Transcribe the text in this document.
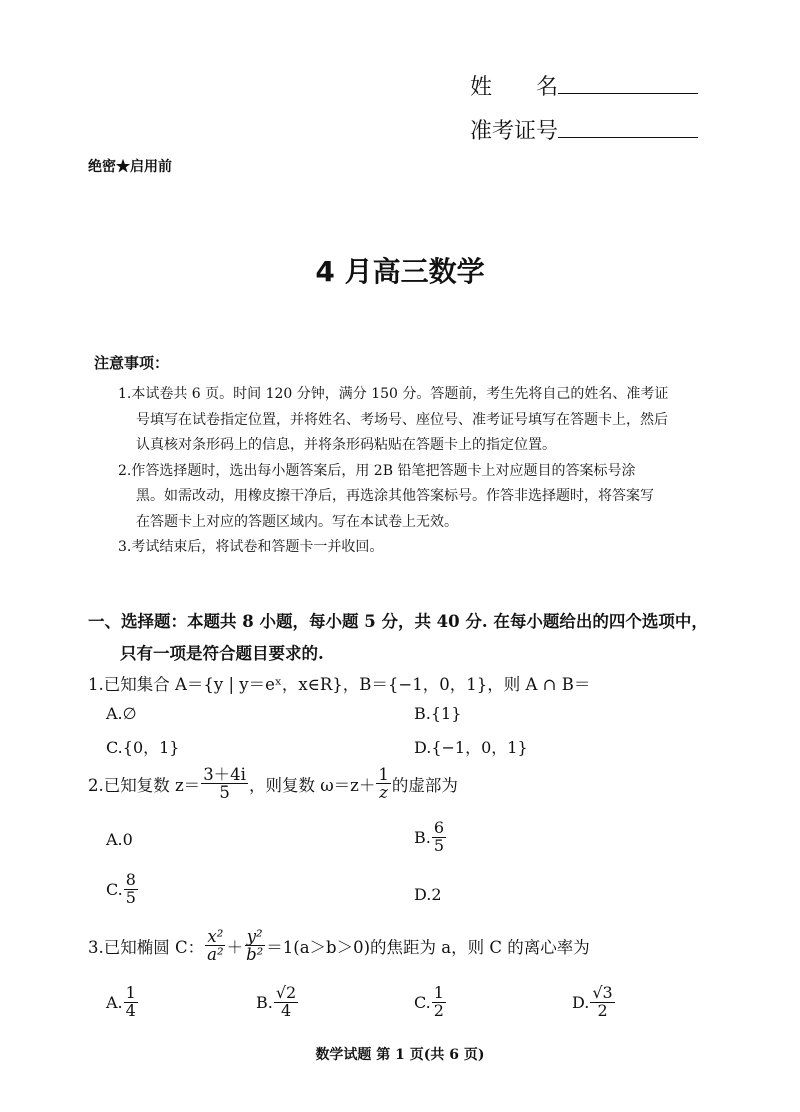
姓　　名
准考证号
绝密★启用前
4 月高三数学
注意事项：

1.本试卷共 6 页。时间 120 分钟，满分 150 分。答题前，考生先将自己的姓名、准考证

号填写在试卷指定位置，并将姓名、考场号、座位号、准考证号填写在答题卡上，然后

认真核对条形码上的信息，并将条形码粘贴在答题卡上的指定位置。

2.作答选择题时，选出每小题答案后，用 2B 铅笔把答题卡上对应题目的答案标号涂

黑。如需改动，用橡皮擦干净后，再选涂其他答案标号。作答非选择题时，将答案写

在答题卡上对应的答题区域内。写在本试卷上无效。

3.考试结束后，将试卷和答题卡一并收回。

一、选择题：本题共 8 小题，每小题 5 分，共 40 分. 在每小题给出的四个选项中，
只有一项是符合题目要求的.
1.已知集合 A＝{y | y＝eˣ，x∈R}，B＝{−1，0，1}，则 A ∩ B＝
A.∅	B.{1}
C.{0，1}	D.{−1，0，1}
2.已知复数 $z= \frac{3+4i}{5}$ ，则复数 $\omega=z+ \frac{1}{z}$ 的虚部为
A.0	B. $\frac{6}{5}$
C. $\frac{8}{5}$	D.2
3.已知椭圆 C： $\frac{\text{x²}}{\text{a²}} + \frac{\text{y²}}{\text{b²}} =1(a>b>0)$的焦距为 a，则 C 的离心率为
A. $\frac{1}{4}$	B. $\frac{√2}{4}$	C. $\frac{1}{2}$	D. $\frac{√3}{2}$
数学试题 第 1 页(共 6 页)
